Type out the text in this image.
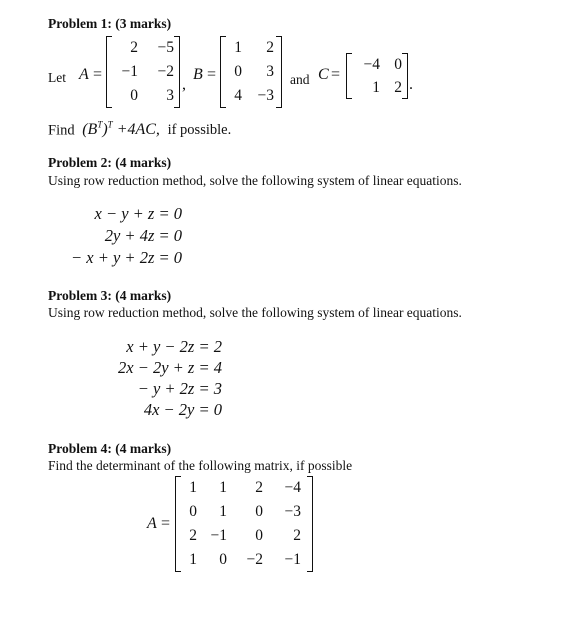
Problem 1: (3 marks)
Let A =
2	−5
−1	−2
0	3
,
B =
1	2
0	3
4	−3
and C =
−4 0
1 2 .
Find $(B^T)^T +4AC$, if possible.
Problem 2: (4 marks)
Using row reduction method, solve the following system of linear equations.
x − y + z = 0
2y + 4z = 0
− x + y + 2z = 0
Problem 3: (4 marks)
Using row reduction method, solve the following system of linear equations.
x + y − 2z = 2
2x − 2y + z = 4
− y + 2z = 3
4x − 2y = 0
Problem 4: (4 marks)
Find the determinant of the following matrix, if possible
A =
1	1	2	−4
0	1	0	−3
2 −1	0	2
1	0	−2	−1
